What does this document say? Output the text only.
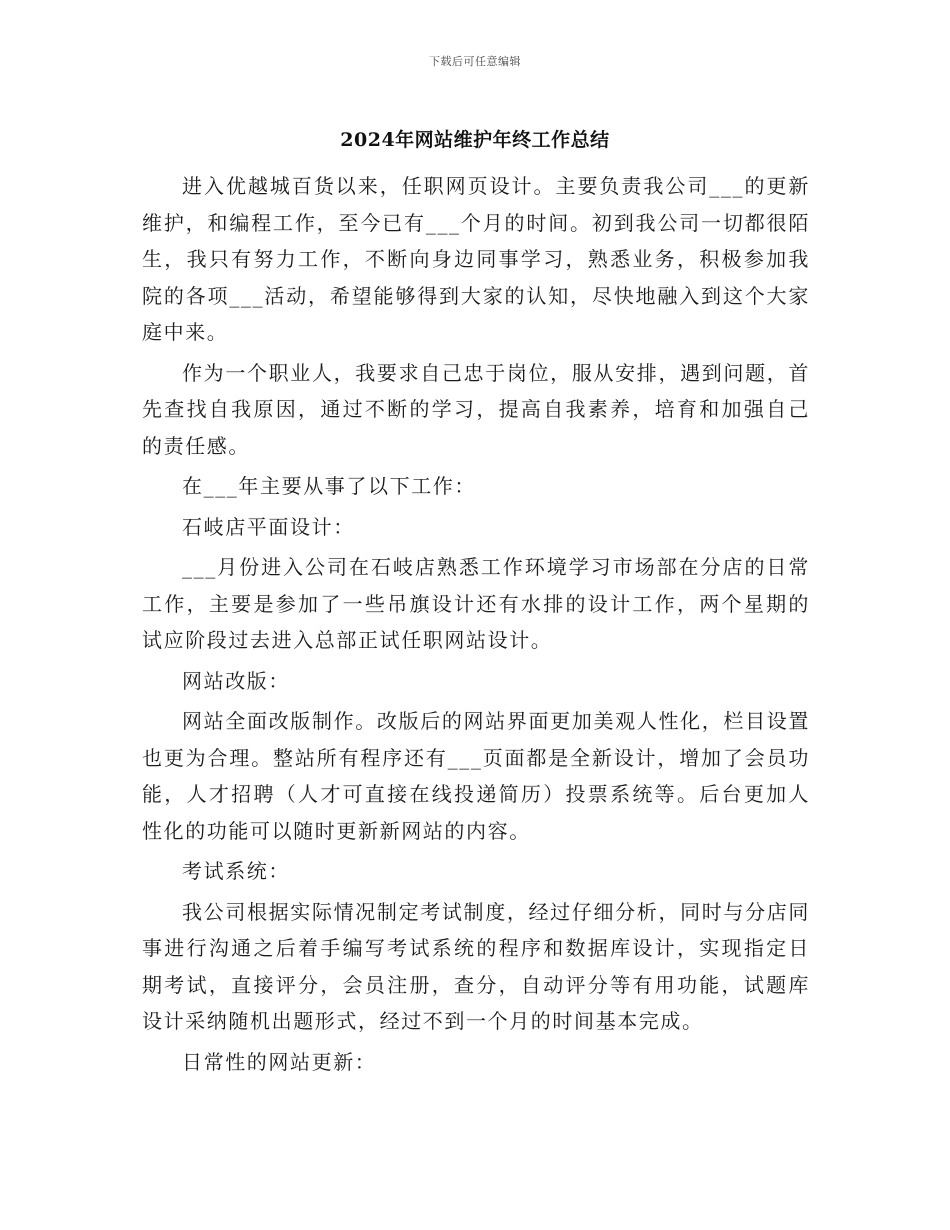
下载后可任意编辑
2024年网站维护年终工作总结

进入优越城百货以来，任职网页设计。主要负责我公司___的更新维护，和编程工作，至今已有___个月的时间。初到我公司一切都很陌生，我只有努力工作，不断向身边同事学习，熟悉业务，积极参加我院的各项___活动，希望能够得到大家的认知，尽快地融入到这个大家庭中来。

作为一个职业人，我要求自己忠于岗位，服从安排，遇到问题，首先查找自我原因，通过不断的学习，提高自我素养，培育和加强自己的责任感。

在___年主要从事了以下工作：

石岐店平面设计：

___月份进入公司在石岐店熟悉工作环境学习市场部在分店的日常工作，主要是参加了一些吊旗设计还有水排的设计工作，两个星期的试应阶段过去进入总部正试任职网站设计。

网站改版：

网站全面改版制作。改版后的网站界面更加美观人性化，栏目设置也更为合理。整站所有程序还有___页面都是全新设计，增加了会员功能，人才招聘（人才可直接在线投递简历）投票系统等。后台更加人性化的功能可以随时更新新网站的内容。

考试系统：

我公司根据实际情况制定考试制度，经过仔细分析，同时与分店同事进行沟通之后着手编写考试系统的程序和数据库设计，实现指定日期考试，直接评分，会员注册，查分，自动评分等有用功能，试题库设计采纳随机出题形式，经过不到一个月的时间基本完成。

日常性的网站更新：
